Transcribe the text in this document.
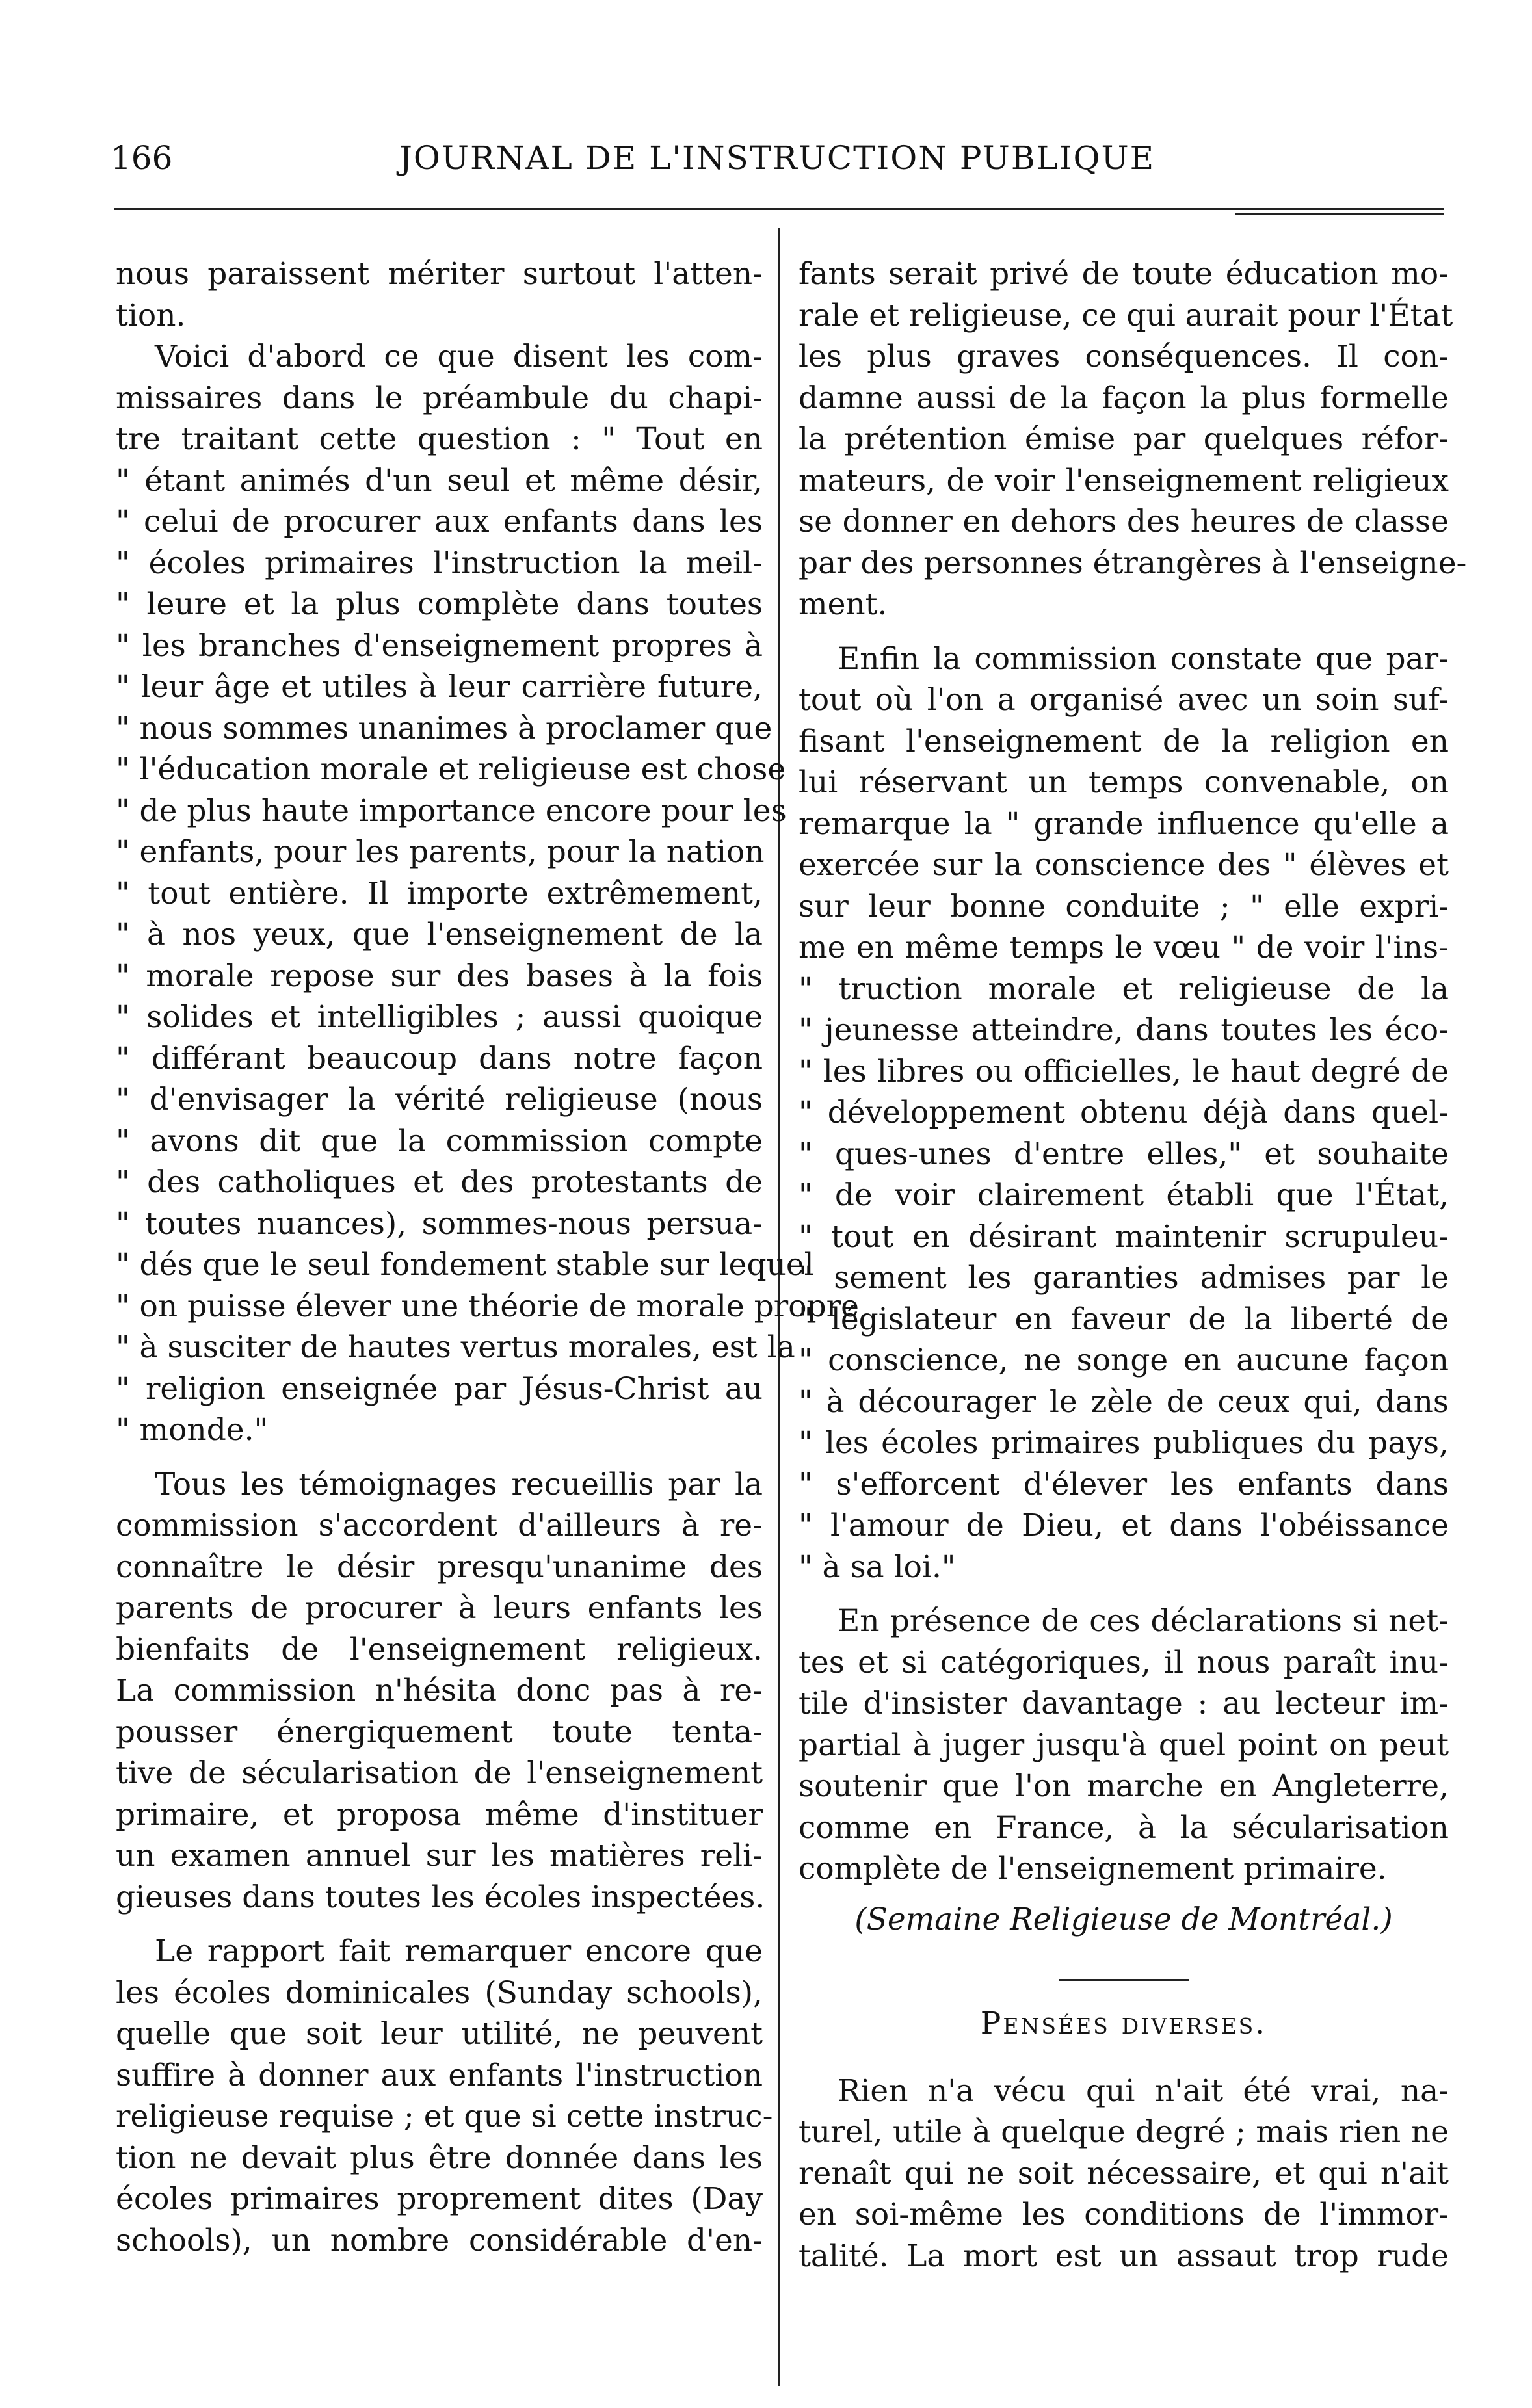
166	JOURNAL DE L'INSTRUCTION PUBLIQUE
nous paraissent mériter surtout l'atten-
tion.
Voici d'abord ce que disent les com-
missaires dans le préambule du chapi-
tre traitant cette question : " Tout en
" étant animés d'un seul et même désir,
" celui de procurer aux enfants dans les
" écoles primaires l'instruction la meil-
" leure et la plus complète dans toutes
" les branches d'enseignement propres à
" leur âge et utiles à leur carrière future,
" nous sommes unanimes à proclamer que
" l'éducation morale et religieuse est chose
" de plus haute importance encore pour les
" enfants, pour les parents, pour la nation
" tout entière. Il importe extrêmement,
" à nos yeux, que l'enseignement de la
" morale repose sur des bases à la fois
" solides et intelligibles ; aussi quoique
" différant beaucoup dans notre façon
" d'envisager la vérité religieuse (nous
" avons dit que la commission compte
" des catholiques et des protestants de
" toutes nuances), sommes-nous persua-
" dés que le seul fondement stable sur lequel
" on puisse élever une théorie de morale propre
" à susciter de hautes vertus morales, est la
" religion enseignée par Jésus-Christ au
" monde."
Tous les témoignages recueillis par la
commission s'accordent d'ailleurs à re-
connaître le désir presqu'unanime des
parents de procurer à leurs enfants les
bienfaits de l'enseignement religieux.
La commission n'hésita donc pas à re-
pousser énergiquement toute tenta-
tive de sécularisation de l'enseignement
primaire, et proposa même d'instituer
un examen annuel sur les matières reli-
gieuses dans toutes les écoles inspectées.
Le rapport fait remarquer encore que
les écoles dominicales (Sunday schools),
quelle que soit leur utilité, ne peuvent
suffire à donner aux enfants l'instruction
religieuse requise ; et que si cette instruc-
tion ne devait plus être donnée dans les
écoles primaires proprement dites (Day
schools), un nombre considérable d'en-
fants serait privé de toute éducation mo-
rale et religieuse, ce qui aurait pour l'État
les plus graves conséquences. Il con-
damne aussi de la façon la plus formelle
la prétention émise par quelques réfor-
mateurs, de voir l'enseignement religieux
se donner en dehors des heures de classe
par des personnes étrangères à l'enseigne-
ment.
Enfin la commission constate que par-
tout où l'on a organisé avec un soin suf-
fisant l'enseignement de la religion en
lui réservant un temps convenable, on
remarque la " grande influence qu'elle a
exercée sur la conscience des " élèves et
sur leur bonne conduite ; " elle expri-
me en même temps le vœu " de voir l'ins-
" truction morale et religieuse de la
" jeunesse atteindre, dans toutes les éco-
" les libres ou officielles, le haut degré de
" développement obtenu déjà dans quel-
" ques-unes d'entre elles," et souhaite
" de voir clairement établi que l'État,
" tout en désirant maintenir scrupuleu-
" sement les garanties admises par le
" législateur en faveur de la liberté de
" conscience, ne songe en aucune façon
" à décourager le zèle de ceux qui, dans
" les écoles primaires publiques du pays,
" s'efforcent d'élever les enfants dans
" l'amour de Dieu, et dans l'obéissance
" à sa loi."
En présence de ces déclarations si net-
tes et si catégoriques, il nous paraît inu-
tile d'insister davantage : au lecteur im-
partial à juger jusqu'à quel point on peut
soutenir que l'on marche en Angleterre,
comme en France, à la sécularisation
complète de l'enseignement primaire.
(Semaine Religieuse de Montréal.)
Pensées diverses.
Rien n'a vécu qui n'ait été vrai, na-
turel, utile à quelque degré ; mais rien ne
renaît qui ne soit nécessaire, et qui n'ait
en soi-même les conditions de l'immor-
talité. La mort est un assaut trop rude
